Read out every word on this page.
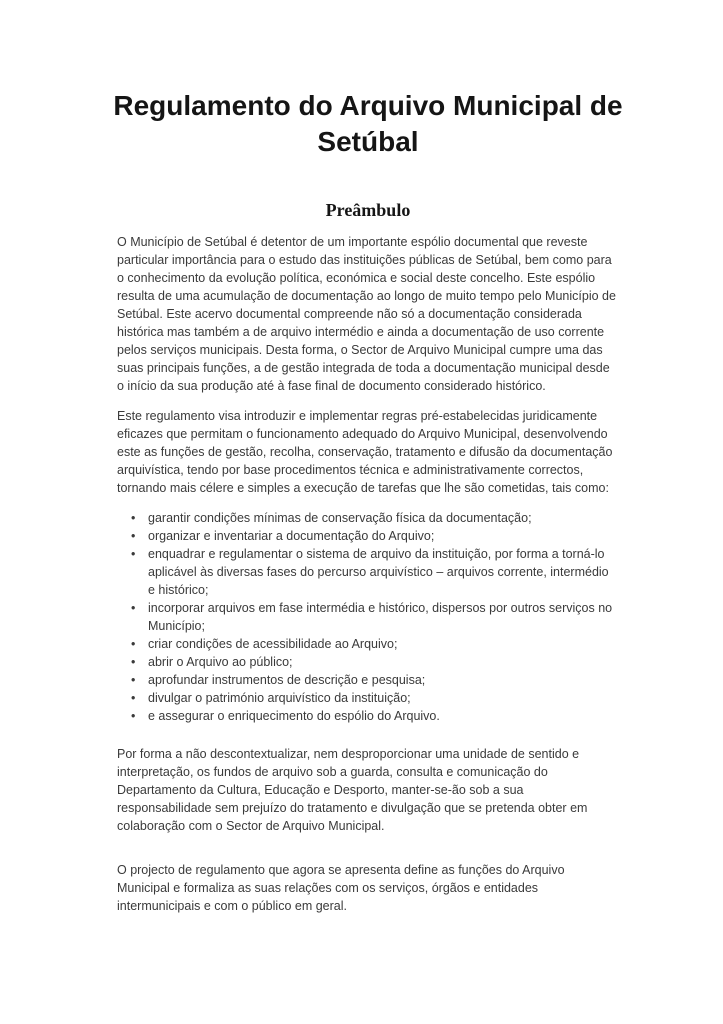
Regulamento do Arquivo Municipal de Setúbal
Preâmbulo

O Município de Setúbal é detentor de um importante espólio documental que reveste particular importância para o estudo das instituições públicas de Setúbal, bem como para o conhecimento da evolução política, económica e social deste concelho. Este espólio resulta de uma acumulação de documentação ao longo de muito tempo pelo Município de Setúbal. Este acervo documental compreende não só a documentação considerada histórica mas também a de arquivo intermédio e ainda a documentação de uso corrente pelos serviços municipais. Desta forma, o Sector de Arquivo Municipal cumpre uma das suas principais funções, a de gestão integrada de toda a documentação municipal desde o início da sua produção até à fase final de documento considerado histórico.

Este regulamento visa introduzir e implementar regras pré-estabelecidas juridicamente eficazes que permitam o funcionamento adequado do Arquivo Municipal, desenvolvendo este as funções de gestão, recolha, conservação, tratamento e difusão da documentação arquivística, tendo por base procedimentos técnica e administrativamente correctos, tornando mais célere e simples a execução de tarefas que lhe são cometidas, tais como:

• garantir condições mínimas de conservação física da documentação;
• organizar e inventariar a documentação do Arquivo;
• enquadrar e regulamentar o sistema de arquivo da instituição, por forma a torná-lo aplicável às diversas fases do percurso arquivístico – arquivos corrente, intermédio e histórico;
• incorporar arquivos em fase intermédia e histórico, dispersos por outros serviços no Município;
• criar condições de acessibilidade ao Arquivo;
• abrir o Arquivo ao público;
• aprofundar instrumentos de descrição e pesquisa;
• divulgar o património arquivístico da instituição;
• e assegurar o enriquecimento do espólio do Arquivo.

Por forma a não descontextualizar, nem desproporcionar uma unidade de sentido e interpretação, os fundos de arquivo sob a guarda, consulta e comunicação do Departamento da Cultura, Educação e Desporto, manter-se-ão sob a sua responsabilidade sem prejuízo do tratamento e divulgação que se pretenda obter em colaboração com o Sector de Arquivo Municipal.

O projecto de regulamento que agora se apresenta define as funções do Arquivo Municipal e formaliza as suas relações com os serviços, órgãos e entidades intermunicipais e com o público em geral.
